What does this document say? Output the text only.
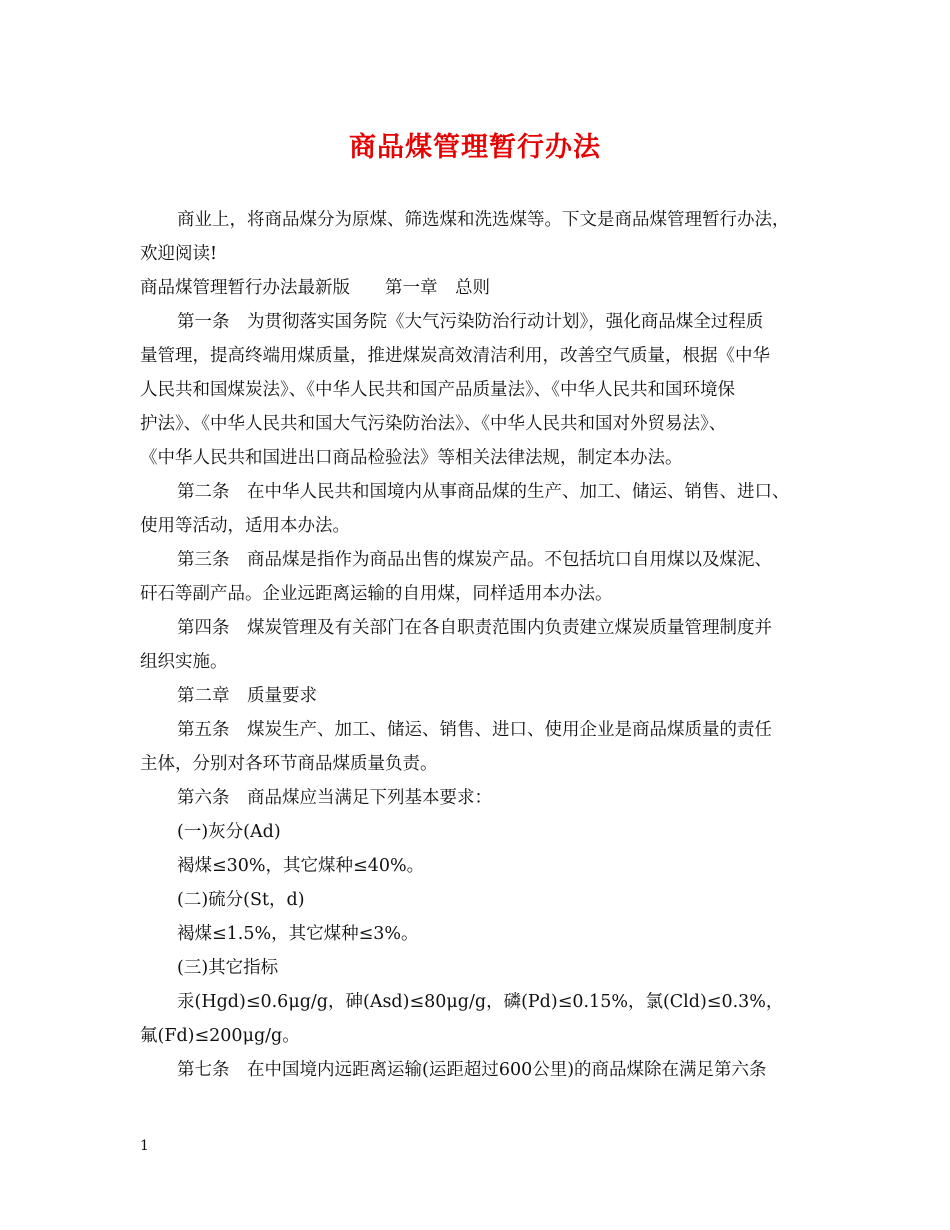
商品煤管理暂行办法
商业上，将商品煤分为原煤、筛选煤和洗选煤等。下文是商品煤管理暂行办法，
欢迎阅读!
商品煤管理暂行办法最新版　　第一章　总则
第一条　为贯彻落实国务院《大气污染防治行动计划》，强化商品煤全过程质
量管理，提高终端用煤质量，推进煤炭高效清洁利用，改善空气质量，根据《中华
人民共和国煤炭法》、《中华人民共和国产品质量法》、《中华人民共和国环境保
护法》、《中华人民共和国大气污染防治法》、《中华人民共和国对外贸易法》、
《中华人民共和国进出口商品检验法》等相关法律法规，制定本办法。
第二条　在中华人民共和国境内从事商品煤的生产、加工、储运、销售、进口、
使用等活动，适用本办法。
第三条　商品煤是指作为商品出售的煤炭产品。不包括坑口自用煤以及煤泥、
矸石等副产品。企业远距离运输的自用煤，同样适用本办法。
第四条　煤炭管理及有关部门在各自职责范围内负责建立煤炭质量管理制度并
组织实施。
第二章　质量要求
第五条　煤炭生产、加工、储运、销售、进口、使用企业是商品煤质量的责任
主体，分别对各环节商品煤质量负责。
第六条　商品煤应当满足下列基本要求：
(一)灰分(Ad)
褐煤≤30%，其它煤种≤40%。
(二)硫分(St，d)
褐煤≤1.5%，其它煤种≤3%。
(三)其它指标
汞(Hgd)≤0.6μg/g，砷(Asd)≤80μg/g，磷(Pd)≤0.15%，氯(Cld)≤0.3%，
氟(Fd)≤200μg/g。
第七条　在中国境内远距离运输(运距超过600公里)的商品煤除在满足第六条
1
